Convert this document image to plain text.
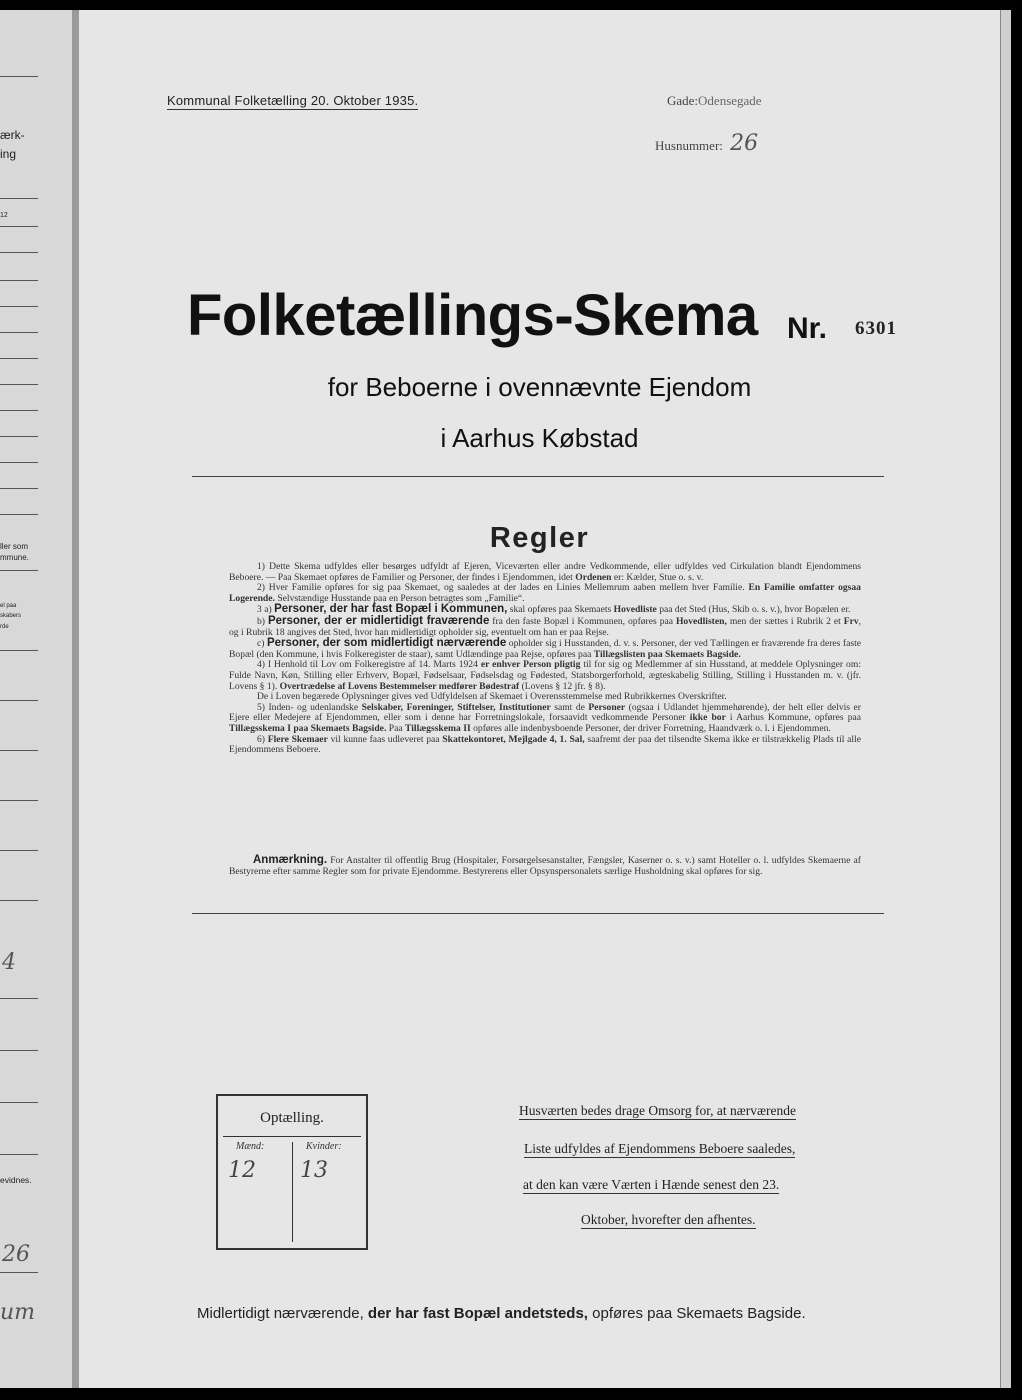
ærk-
ing
12
ller som
mmune.
el paa
skabers
rde
4
evidnes.
26
um
Kommunal Folketælling 20. Oktober 1935.	Gade:Odensegade
Husnummer: 26
Folketællings-Skema Nr. 6301
for Beboerne i ovennævnte Ejendom
i Aarhus Købstad
Regler

1) Dette Skema udfyldes eller besørges udfyldt af Ejeren, Viceværten eller andre Vedkommende, eller udfyldes ved Cirkulation blandt Ejendommens Beboere. — Paa Skemaet opføres de Familier og Personer, der findes i Ejendommen, idet Ordenen er: Kælder, Stue o. s. v.

2) Hver Familie opføres for sig paa Skemaet, og saaledes at der lades en Linies Mellemrum aaben mellem hver Familie. En Familie omfatter ogsaa Logerende. Selvstændige Husstande paa en Person betragtes som „Familie“.

3 a) Personer, der har fast Bopæl i Kommunen, skal opføres paa Skemaets Hovedliste paa det Sted (Hus, Skib o. s. v.), hvor Bopælen er.

b) Personer, der er midlertidigt fraværende fra den faste Bopæl i Kommunen, opføres paa Hovedlisten, men der sættes i Rubrik 2 et Frv, og i Rubrik 18 angives det Sted, hvor han midlertidigt opholder sig, eventuelt om han er paa Rejse.

c) Personer, der som midlertidigt nærværende opholder sig i Husstanden, d. v. s. Personer, der ved Tællingen er fraværende fra deres faste Bopæl (den Kommune, i hvis Folkeregister de staar), samt Udlændinge paa Rejse, opføres paa Tillægslisten paa Skemaets Bagside.

4) I Henhold til Lov om Folkeregistre af 14. Marts 1924 er enhver Person pligtig til for sig og Medlemmer af sin Husstand, at meddele Oplysninger om: Fulde Navn, Køn, Stilling eller Erhverv, Bopæl, Fødselsaar, Fødselsdag og Fødested, Statsborgerforhold, ægteskabelig Stilling, Stilling i Husstanden m. v. (jfr. Lovens § 1). Overtrædelse af Lovens Bestemmelser medfører Bødestraf (Lovens § 12 jfr. § 8).

De i Loven begærede Oplysninger gives ved Udfyldelsen af Skemaet i Overensstemmelse med Rubrikkernes Overskrifter.

5) Inden- og udenlandske Selskaber, Foreninger, Stiftelser, Institutioner samt de Personer (ogsaa i Udlandet hjemmehørende), der helt eller delvis er Ejere eller Medejere af Ejendommen, eller som i denne har Forretningslokale, forsaavidt vedkommende Personer ikke bor i Aarhus Kommune, opføres paa Tillægsskema I paa Skemaets Bagside. Paa Tillægsskema II opføres alle indenbysboende Personer, der driver Forretning, Haandværk o. l. i Ejendommen.

6) Flere Skemaer vil kunne faas udleveret paa Skattekontoret, Mejlgade 4, 1. Sal, saafremt der paa det tilsendte Skema ikke er tilstrækkelig Plads til alle Ejendommens Beboere.

Anmærkning. For Anstalter til offentlig Brug (Hospitaler, Forsørgelsesanstalter, Fængsler, Kaserner o. s. v.) samt Hoteller o. l. udfyldes Skemaerne af Bestyrerne efter samme Regler som for private Ejendomme. Bestyrerens eller Opsynspersonalets særlige Husholdning skal opføres for sig.

Optælling.
Mænd:	Kvinder:
12 13
Husværten bedes drage Omsorg for, at nærværende
Liste udfyldes af Ejendommens Beboere saaledes,
at den kan være Værten i Hænde senest den 23.
Oktober, hvorefter den afhentes.
Midlertidigt nærværende, der har fast Bopæl andetsteds, opføres paa Skemaets Bagside.
